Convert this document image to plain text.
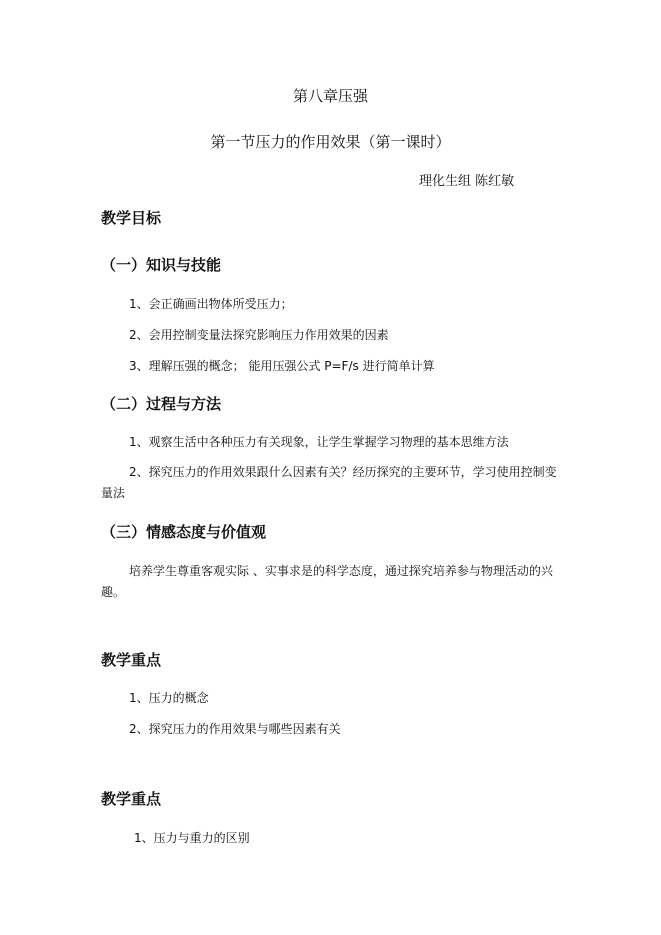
第八章压强
第一节压力的作用效果（第一课时）
理化生组 陈红敏
教学目标
（一）知识与技能
1、会正确画出物体所受压力；
2、会用控制变量法探究影响压力作用效果的因素
3、理解压强的概念； 能用压强公式 P=F/s 进行简单计算
（二）过程与方法
1、观察生活中各种压力有关现象，让学生掌握学习物理的基本思维方法
2、探究压力的作用效果跟什么因素有关？经历探究的主要环节，学习使用控制变量法
（三）情感态度与价值观
培养学生尊重客观实际 、实事求是的科学态度，通过探究培养参与物理活动的兴趣。
教学重点
1、压力的概念
2、探究压力的作用效果与哪些因素有关
教学重点
1、压力与重力的区别
